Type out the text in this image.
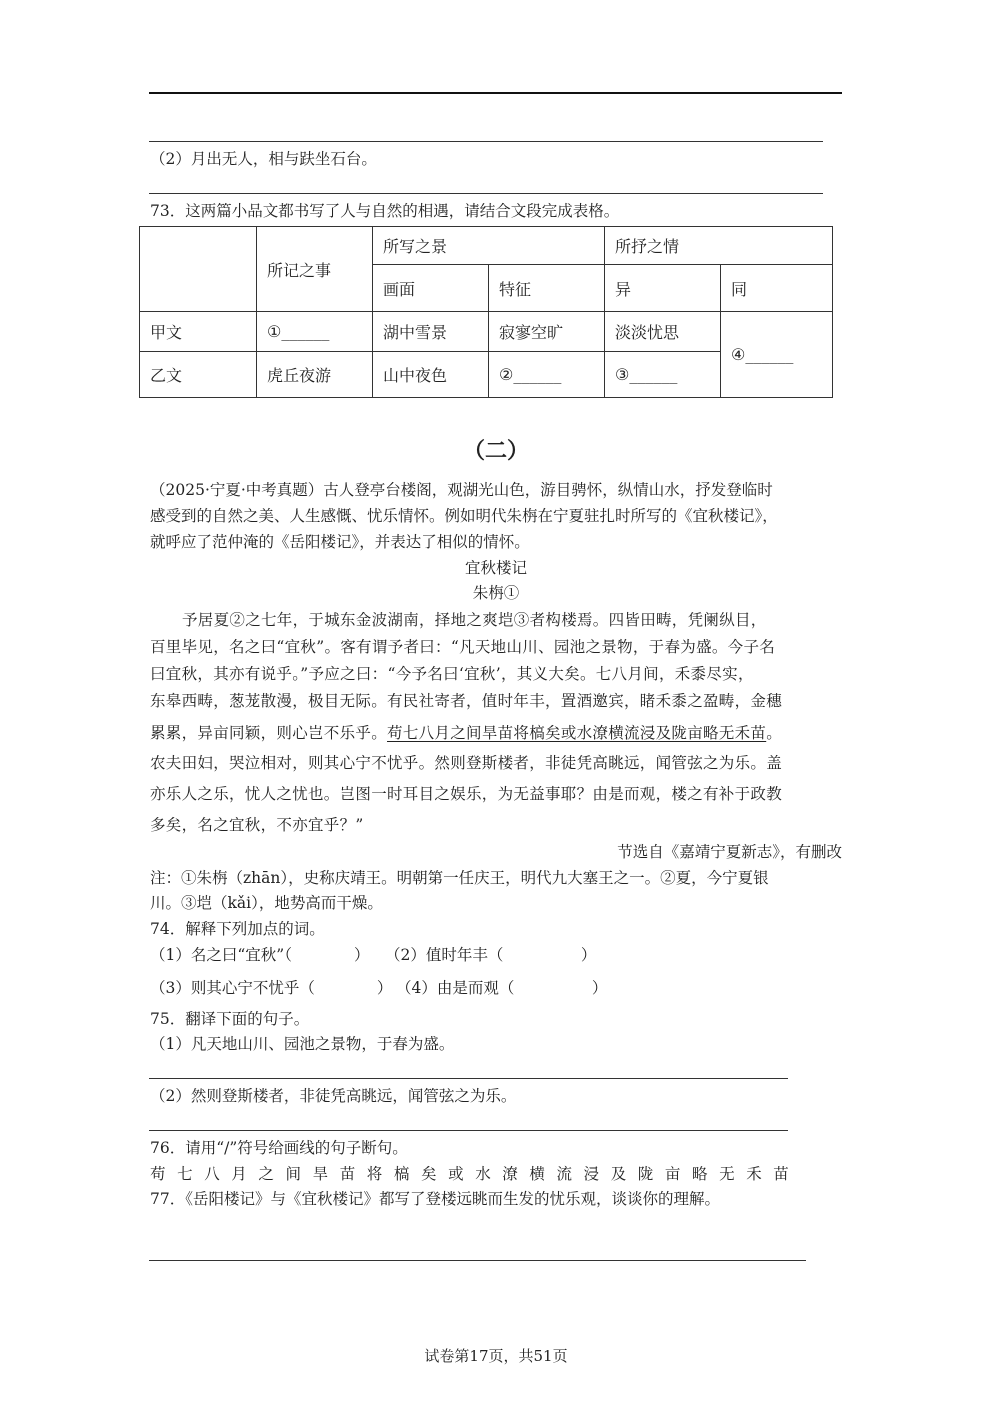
（2）月出无人，相与趺坐石台。
73．这两篇小品文都书写了人与自然的相遇，请结合文段完成表格。
	所记之事	所写之景		所抒之情	
		画面	特征	异	同
甲文	①______	湖中雪景	寂寥空旷	淡淡忧思	④______
乙文	虎丘夜游	山中夜色	②______	③______	
（二）
（2025·宁夏·中考真题）古人登亭台楼阁，观湖光山色，游目骋怀，纵情山水，抒发登临时
感受到的自然之美、人生感慨、忧乐情怀。例如明代朱栴在宁夏驻扎时所写的《宜秋楼记》，
就呼应了范仲淹的《岳阳楼记》，并表达了相似的情怀。
宜秋楼记
朱栴①
予居夏②之七年，于城东金波湖南，择地之爽垲③者构楼焉。四皆田畴，凭阑纵目，
百里毕见，名之曰“宜秋”。客有谓予者曰：“凡天地山川、园池之景物，于春为盛。今子名
曰宜秋，其亦有说乎。”予应之曰：“今予名曰‘宜秋’，其义大矣。七八月间，禾黍尽实，
东皋西畴，葱茏散漫，极目无际。有民社寄者，值时年丰，置酒邀宾，睹禾黍之盈畴，金穗
累累，异亩同颖，则心岂不乐乎。苟七八月之间旱苗将槁矣或水潦横流浸及陇亩略无禾苗。
农夫田妇，哭泣相对，则其心宁不忧乎。然则登斯楼者，非徒凭高眺远，闻管弦之为乐。盖
亦乐人之乐，忧人之忧也。岂图一时耳目之娱乐，为无益事耶？由是而观，楼之有补于政教
多矣，名之宜秋，不亦宜乎？”
节选自《嘉靖宁夏新志》，有删改
注：①朱栴（zhān），史称庆靖王。明朝第一任庆王，明代九大塞王之一。②夏，今宁夏银
川。③垲（kǎi），地势高而干燥。
74．解释下列加点的词。
（1）名之曰“宜秋”（　　　　） （2）值时年丰（　　　　　）
（3）则其心宁不忧乎（　　　　） （4）由是而观（　　　　　）
75．翻译下面的句子。
（1）凡天地山川、园池之景物，于春为盛。
（2）然则登斯楼者，非徒凭高眺远，闻管弦之为乐。
76．请用“/”符号给画线的句子断句。
苟七八月之间旱苗将槁矣或水潦横流浸及陇亩略无禾苗
77．《岳阳楼记》与《宜秋楼记》都写了登楼远眺而生发的忧乐观，谈谈你的理解。
试卷第17页，共51页
